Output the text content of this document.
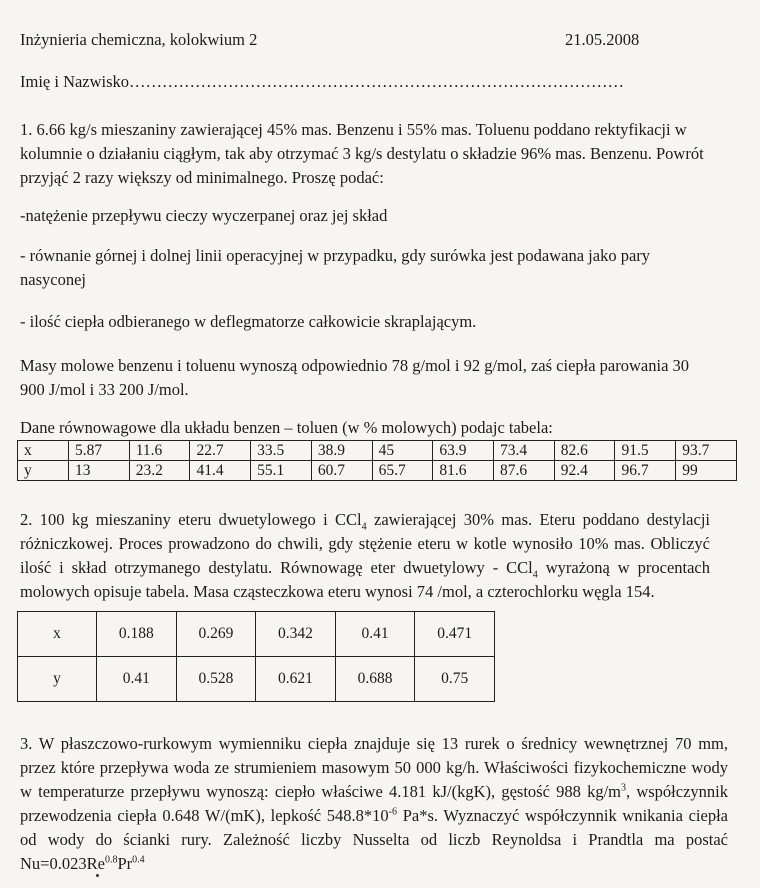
Inżynieria chemiczna, kolokwium 2	21.05.2008
Imię i Nazwisko………………………………………………………………………………
1. 6.66 kg/s mieszaniny zawierającej 45% mas. Benzenu i 55% mas. Toluenu poddano rektyfikacji w kolumnie o działaniu ciągłym, tak aby otrzymać 3 kg/s destylatu o składzie 96% mas. Benzenu. Powrót przyjąć 2 razy większy od minimalnego. Proszę podać:
-natężenie przepływu cieczy wyczerpanej oraz jej skład
- równanie górnej i dolnej linii operacyjnej w przypadku, gdy surówka jest podawana jako pary nasyconej
- ilość ciepła odbieranego w deflegmatorze całkowicie skraplającym.
Masy molowe benzenu i toluenu wynoszą odpowiednio 78 g/mol i 92 g/mol, zaś ciepła parowania 30 900 J/mol i 33 200 J/mol.
Dane równowagowe dla układu benzen – toluen (w % molowych) podajc tabela:
x	5.87	11.6	22.7	33.5	38.9	45	63.9	73.4	82.6	91.5	93.7
y	13	23.2	41.4	55.1	60.7	65.7	81.6	87.6	92.4	96.7	99
2. 100 kg mieszaniny eteru dwuetylowego i CCl$_4$ zawierającej 30% mas. Eteru poddano destylacji różniczkowej. Proces prowadzono do chwili, gdy stężenie eteru w kotle wynosiło 10% mas. Obliczyć ilość i skład otrzymanego destylatu. Równowagę eter dwuetylowy - CCl$_4$ wyrażoną w procentach molowych opisuje tabela. Masa cząsteczkowa eteru wynosi 74 /mol, a czterochlorku węgla 154.
x	0.188	0.269	0.342	0.41	0.471
y	0.41	0.528	0.621	0.688	0.75
3. W płaszczowo-rurkowym wymienniku ciepła znajduje się 13 rurek o średnicy wewnętrznej 70 mm, przez które przepływa woda ze strumieniem masowym 50 000 kg/h. Właściwości fizykochemiczne wody w temperaturze przepływu wynoszą: ciepło właściwe 4.181 kJ/(kgK), gęstość 988 $kg/m^3$, współczynnik przewodzenia ciepła 0.648 W/(mK), lepkość $548.8*10^{-6}$ Pa*s. Wyznaczyć współczynnik wnikania ciepła od wody do ścianki rury. Zależność liczby Nusselta od liczb Reynoldsa i Prandtla ma postać $Nu=0.023Re^{0.8}Pr^{0.4}$
